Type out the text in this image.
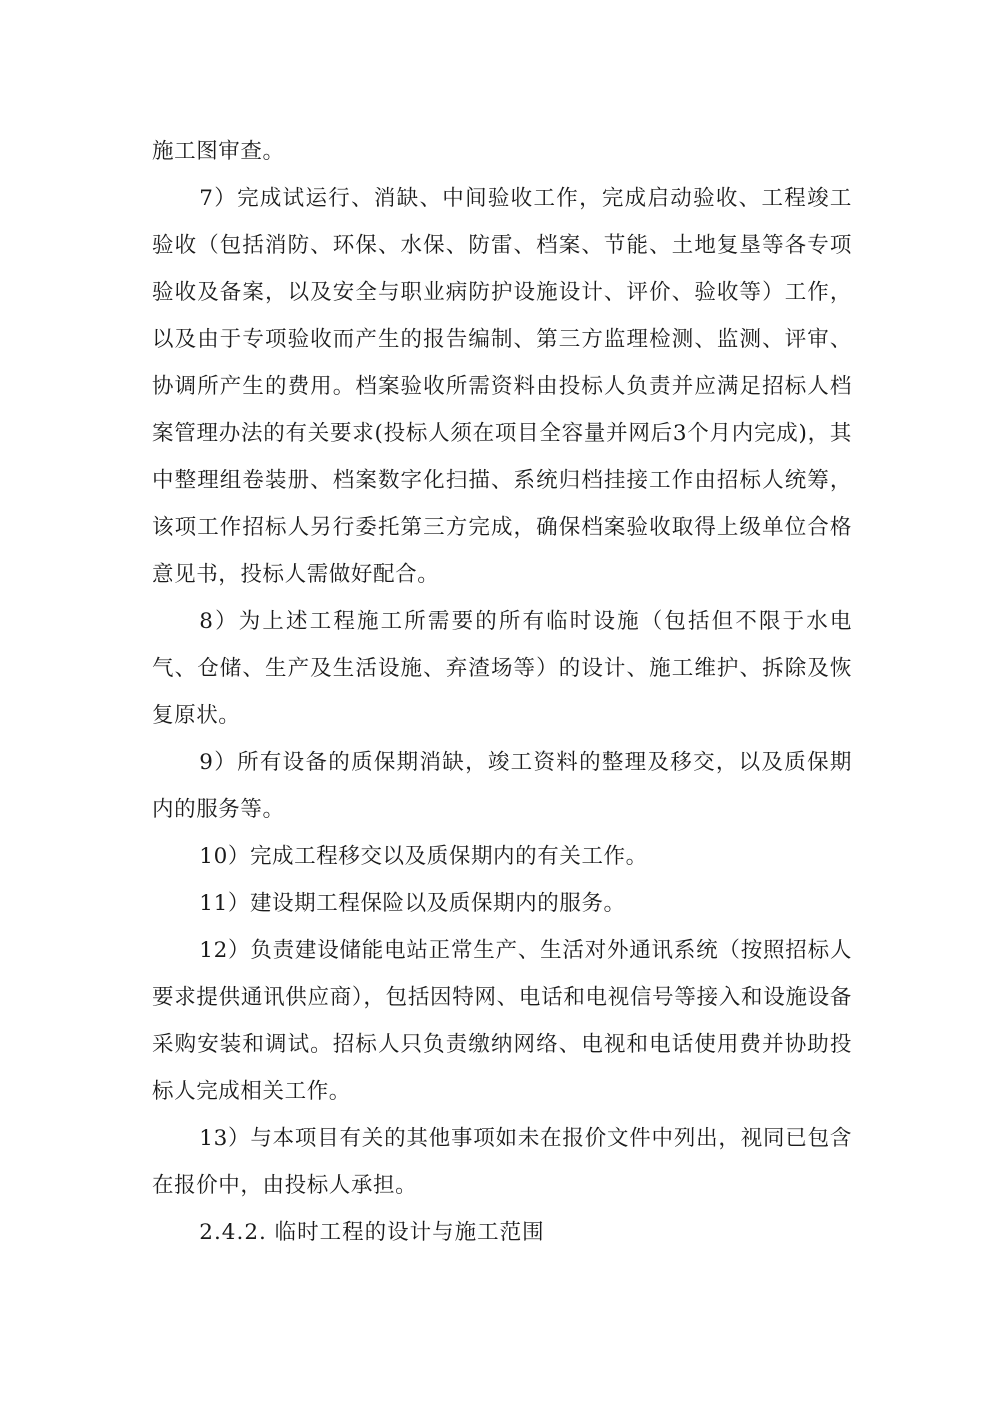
施工图审查。

7）完成试运行、消缺、中间验收工作，完成启动验收、工程竣工验收（包括消防、环保、水保、防雷、档案、节能、土地复垦等各专项验收及备案，以及安全与职业病防护设施设计、评价、验收等）工作，以及由于专项验收而产生的报告编制、第三方监理检测、监测、评审、协调所产生的费用。档案验收所需资料由投标人负责并应满足招标人档案管理办法的有关要求(投标人须在项目全容量并网后3个月内完成)，其中整理组卷装册、档案数字化扫描、系统归档挂接工作由招标人统筹，该项工作招标人另行委托第三方完成，确保档案验收取得上级单位合格意见书，投标人需做好配合。

8）为上述工程施工所需要的所有临时设施（包括但不限于水电气、仓储、生产及生活设施、弃渣场等）的设计、施工维护、拆除及恢复原状。

9）所有设备的质保期消缺，竣工资料的整理及移交，以及质保期内的服务等。

10）完成工程移交以及质保期内的有关工作。

11）建设期工程保险以及质保期内的服务。

12）负责建设储能电站正常生产、生活对外通讯系统（按照招标人要求提供通讯供应商），包括因特网、电话和电视信号等接入和设施设备采购安装和调试。招标人只负责缴纳网络、电视和电话使用费并协助投标人完成相关工作。

13）与本项目有关的其他事项如未在报价文件中列出，视同已包含在报价中，由投标人承担。

2.4.2. 临时工程的设计与施工范围
